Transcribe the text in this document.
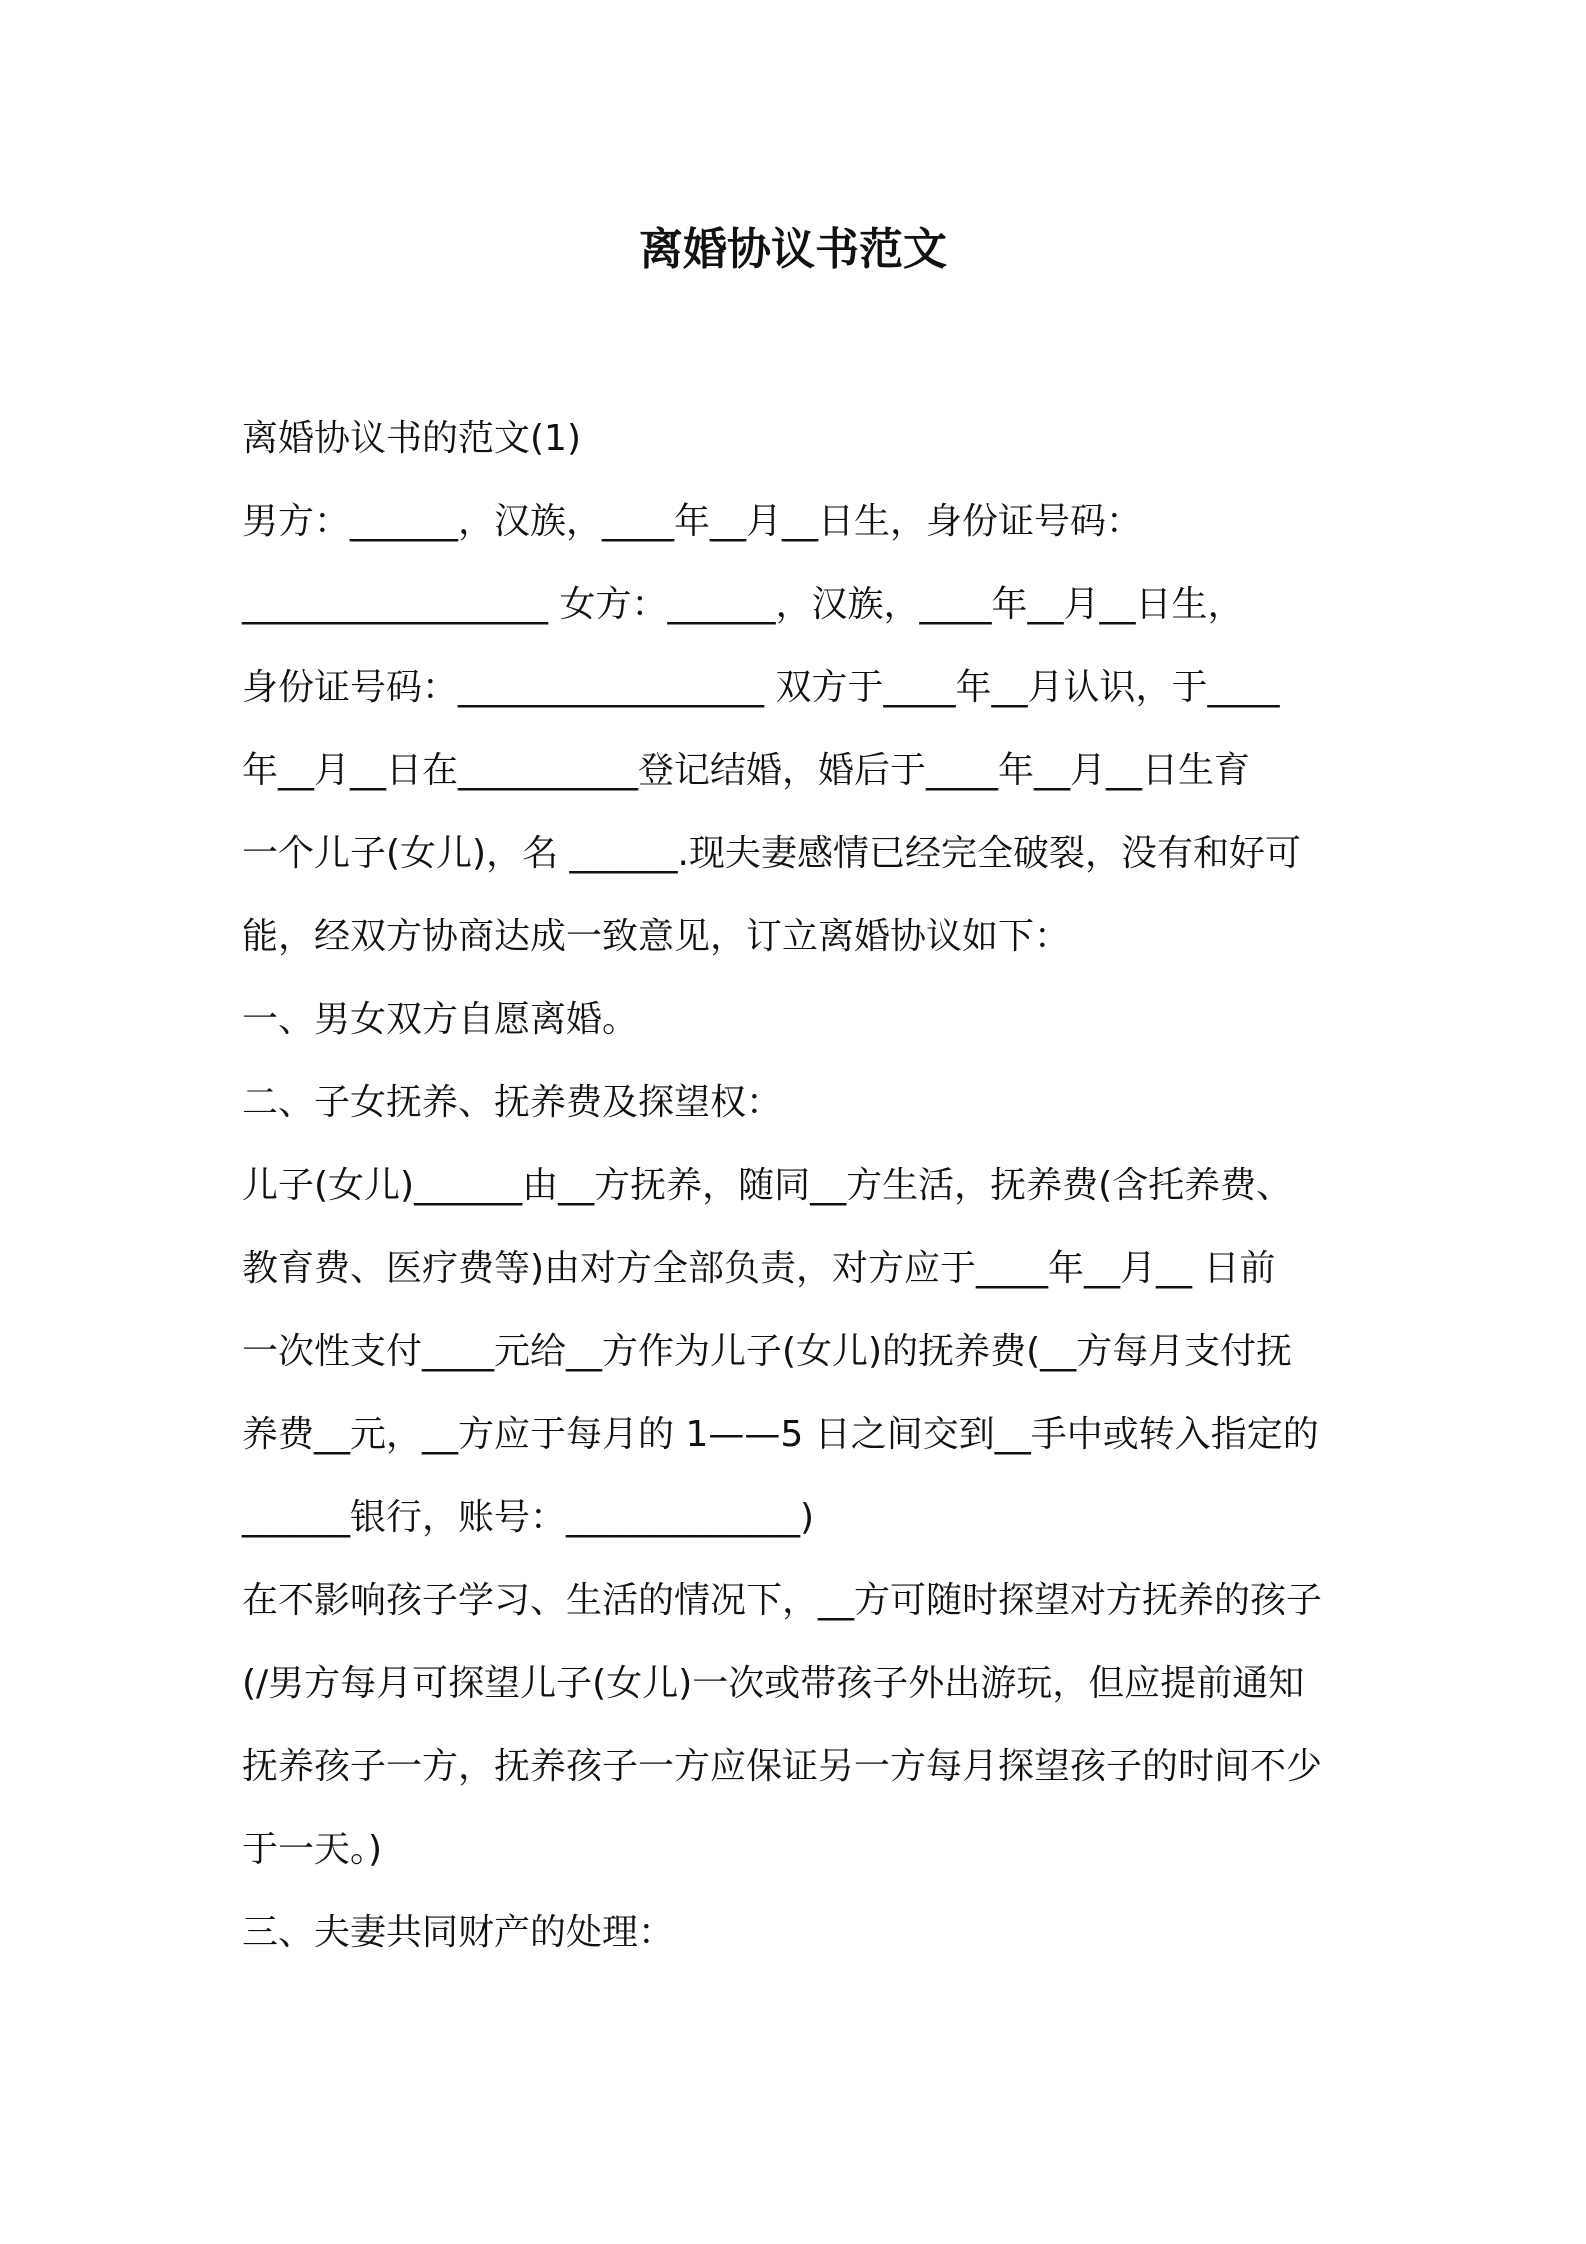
离婚协议书范文
离婚协议书的范文(1)
男方：______，汉族，____年__月__日生，身份证号码：
_________________ 女方：______，汉族，____年__月__日生，
身份证号码：_________________ 双方于____年__月认识，于____
年__月__日在__________登记结婚，婚后于____年__月__日生育
一个儿子(女儿)，名 ______.现夫妻感情已经完全破裂，没有和好可
能，经双方协商达成一致意见，订立离婚协议如下：
一、男女双方自愿离婚。
二、子女抚养、抚养费及探望权：
儿子(女儿)______由__方抚养，随同__方生活，抚养费(含托养费、
教育费、医疗费等)由对方全部负责，对方应于____年__月__ 日前
一次性支付____元给__方作为儿子(女儿)的抚养费(__方每月支付抚
养费__元，__方应于每月的 1——5 日之间交到__手中或转入指定的
______银行，账号：_____________)
在不影响孩子学习、生活的情况下，__方可随时探望对方抚养的孩子
(/男方每月可探望儿子(女儿)一次或带孩子外出游玩，但应提前通知
抚养孩子一方，抚养孩子一方应保证另一方每月探望孩子的时间不少
于一天。)
三、夫妻共同财产的处理：
